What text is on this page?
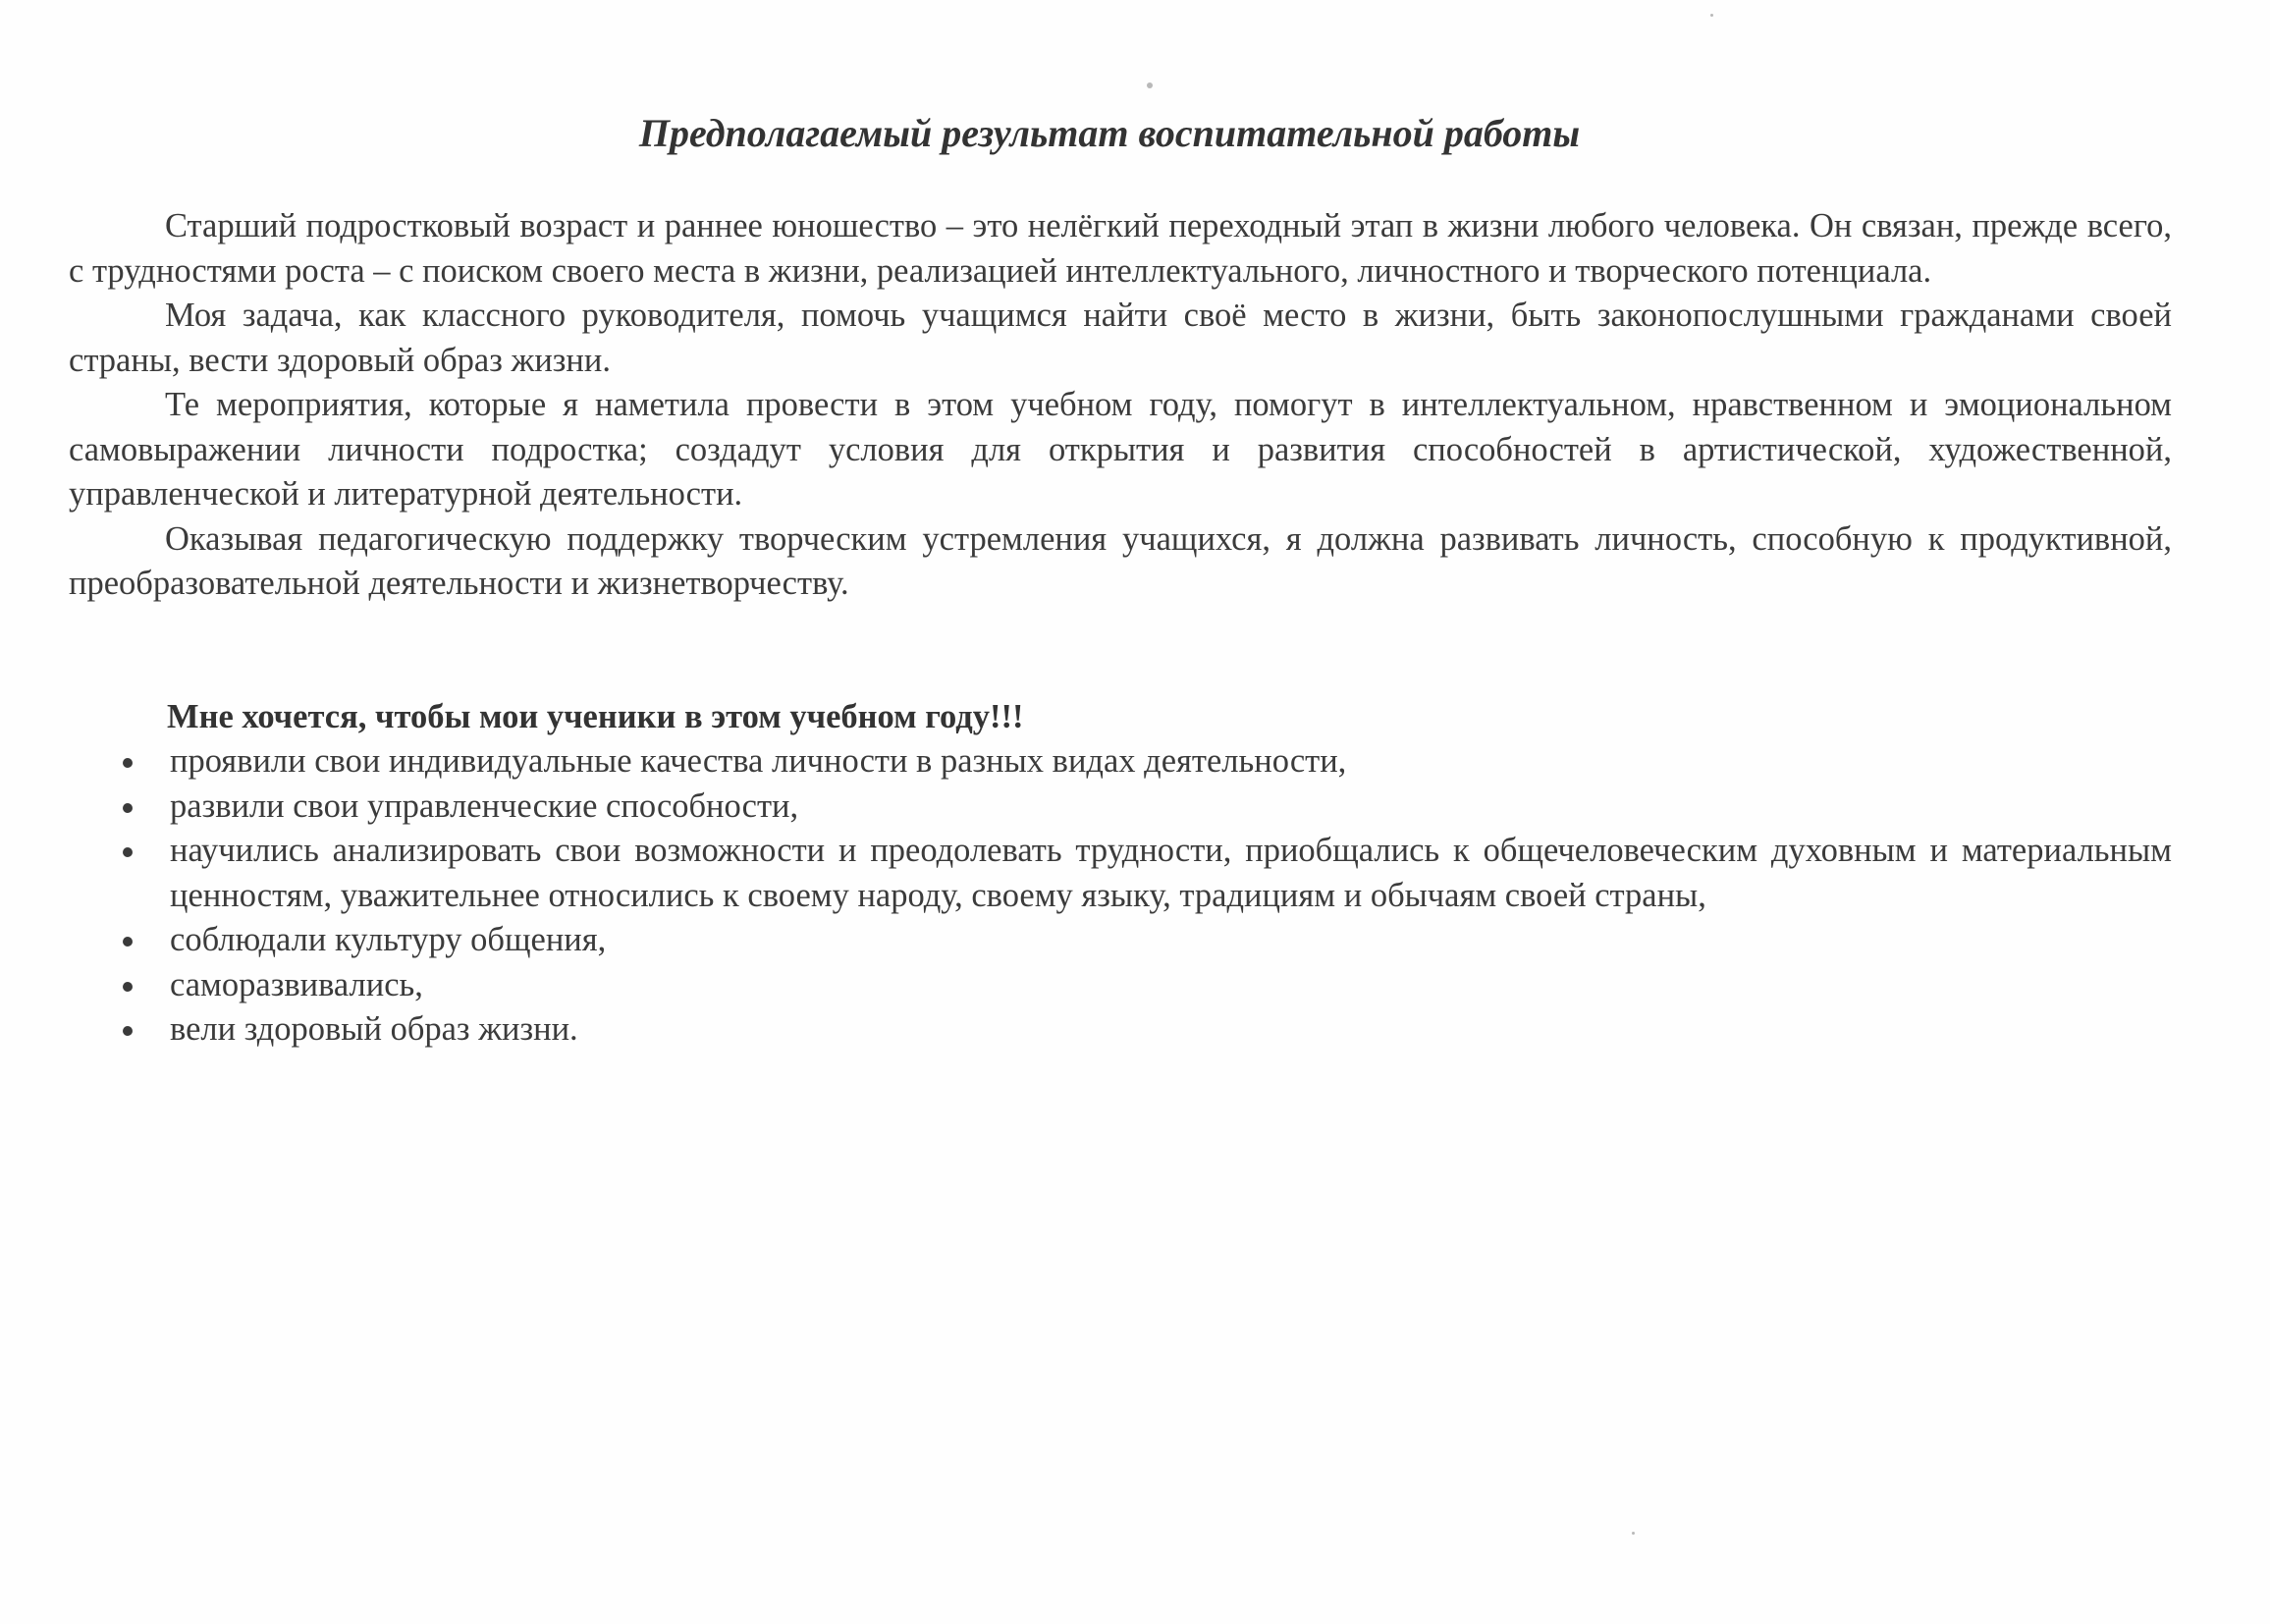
Предполагаемый результат воспитательной работы

Старший подростковый возраст и раннее юношество – это нелёгкий переходный этап в жизни любого человека. Он связан, прежде всего, с трудностями роста – с поиском своего места в жизни, реализацией интеллектуального, личностного и творческого потенциала.

Моя задача, как классного руководителя, помочь учащимся найти своё место в жизни, быть законопослушными гражданами своей страны, вести здоровый образ жизни.

Те мероприятия, которые я наметила провести в этом учебном году, помогут в интеллектуальном, нравственном и эмоциональном самовыражении личности подростка; создадут условия для открытия и развития способностей в артистической, художественной, управленческой и литературной деятельности.

Оказывая педагогическую поддержку творческим устремления учащихся, я должна развивать личность, способную к продуктивной, преобразовательной деятельности и жизнетворчеству.

Мне хочется, чтобы мои ученики в этом учебном году!!!

проявили свои индивидуальные качества личности в разных видах деятельности,
развили свои управленческие способности,
научились анализировать свои возможности и преодолевать трудности, приобщались к общечеловеческим духовным и материальным ценностям, уважительнее относились к своему народу, своему языку, традициям и обычаям своей страны,
соблюдали культуру общения,
саморазвивались,
вели здоровый образ жизни.
